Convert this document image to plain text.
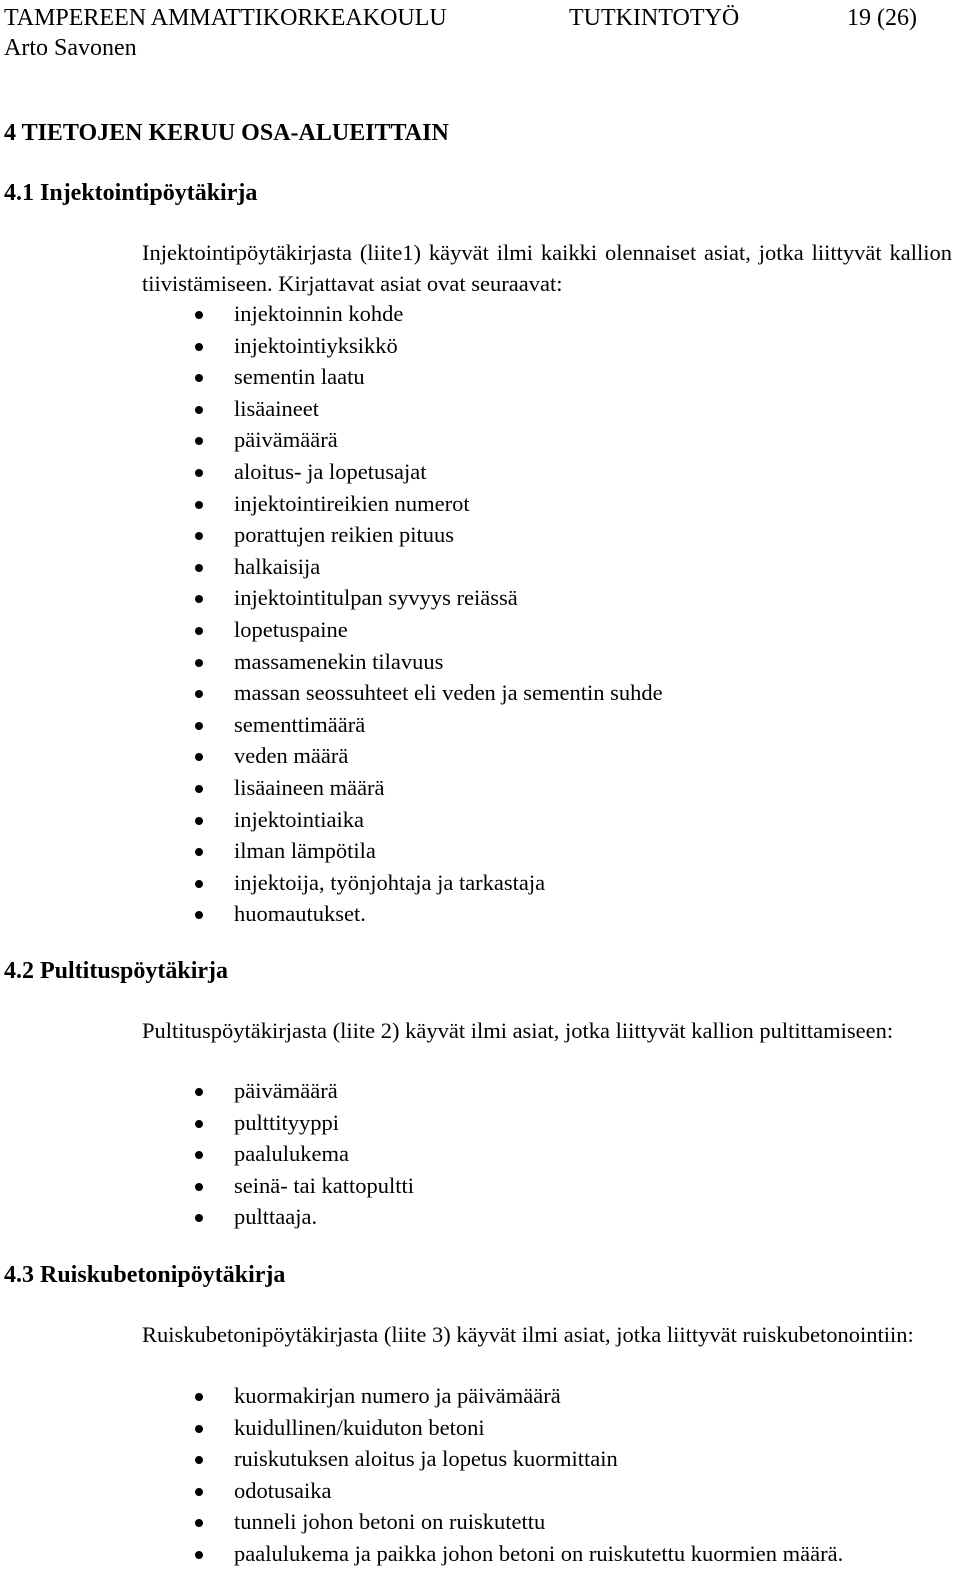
TAMPEREEN AMMATTIKORKEAKOULU	TUTKINTOTYÖ	19 (26)
Arto Savonen
4 TIETOJEN KERUU OSA-ALUEITTAIN
4.1 Injektointipöytäkirja
Injektointipöytäkirjasta (liite1) käyvät ilmi kaikki olennaiset asiat, jotka liittyvät kallion tiivistämiseen. Kirjattavat asiat ovat seuraavat:
injektoinnin kohde
injektointiyksikkö
sementin laatu
lisäaineet
päivämäärä
aloitus- ja lopetusajat
injektointireikien numerot
porattujen reikien pituus
halkaisija
injektointitulpan syvyys reiässä
lopetuspaine
massamenekin tilavuus
massan seossuhteet eli veden ja sementin suhde
sementtimäärä
veden määrä
lisäaineen määrä
injektointiaika
ilman lämpötila
injektoija, työnjohtaja ja tarkastaja
huomautukset.
4.2 Pultituspöytäkirja
Pultituspöytäkirjasta (liite 2) käyvät ilmi asiat, jotka liittyvät kallion pultittamiseen:
päivämäärä
pulttityyppi
paalulukema
seinä- tai kattopultti
pulttaaja.
4.3 Ruiskubetonipöytäkirja
Ruiskubetonipöytäkirjasta (liite 3) käyvät ilmi asiat, jotka liittyvät ruiskubetonointiin:
kuormakirjan numero ja päivämäärä
kuidullinen/kuiduton betoni
ruiskutuksen aloitus ja lopetus kuormittain
odotusaika
tunneli johon betoni on ruiskutettu
paalulukema ja paikka johon betoni on ruiskutettu kuormien määrä.
